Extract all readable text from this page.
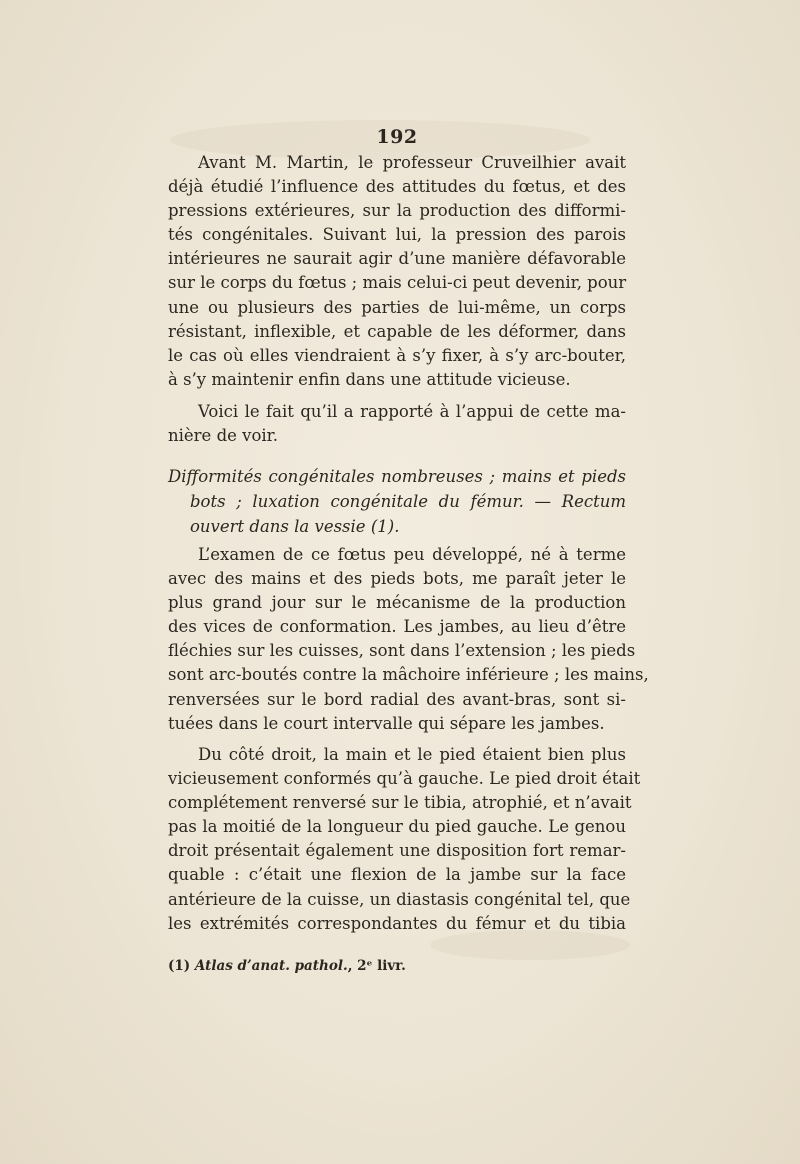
192
Avant M. Martin, le professeur Cruveilhier avait
déjà étudié l’influence des attitudes du fœtus, et des
pressions extérieures, sur la production des difformi-
tés congénitales. Suivant lui, la pression des parois
intérieures ne saurait agir d’une manière défavorable
sur le corps du fœtus ; mais celui-ci peut devenir, pour
une ou plusieurs des parties de lui-même, un corps
résistant, inflexible, et capable de les déformer, dans
le cas où elles viendraient à s’y fixer, à s’y arc-bouter,
à s’y maintenir enfin dans une attitude vicieuse.
Voici le fait qu’il a rapporté à l’appui de cette ma-
nière de voir.
Difformités congénitales nombreuses ; mains et pieds
bots ; luxation congénitale du fémur. — Rectum
ouvert dans la vessie (1).
L’examen de ce fœtus peu développé, né à terme
avec des mains et des pieds bots, me paraît jeter le
plus grand jour sur le mécanisme de la production
des vices de conformation. Les jambes, au lieu d’être
fléchies sur les cuisses, sont dans l’extension ; les pieds
sont arc-boutés contre la mâchoire inférieure ; les mains,
renversées sur le bord radial des avant-bras, sont si-
tuées dans le court intervalle qui sépare les jambes.
Du côté droit, la main et le pied étaient bien plus
vicieusement conformés qu’à gauche. Le pied droit était
complétement renversé sur le tibia, atrophié, et n’avait
pas la moitié de la longueur du pied gauche. Le genou
droit présentait également une disposition fort remar-
quable : c’était une flexion de la jambe sur la face
antérieure de la cuisse, un diastasis congénital tel, que
les extrémités correspondantes du fémur et du tibia
(1) Atlas d’anat. pathol., 2ᵉ livr.
